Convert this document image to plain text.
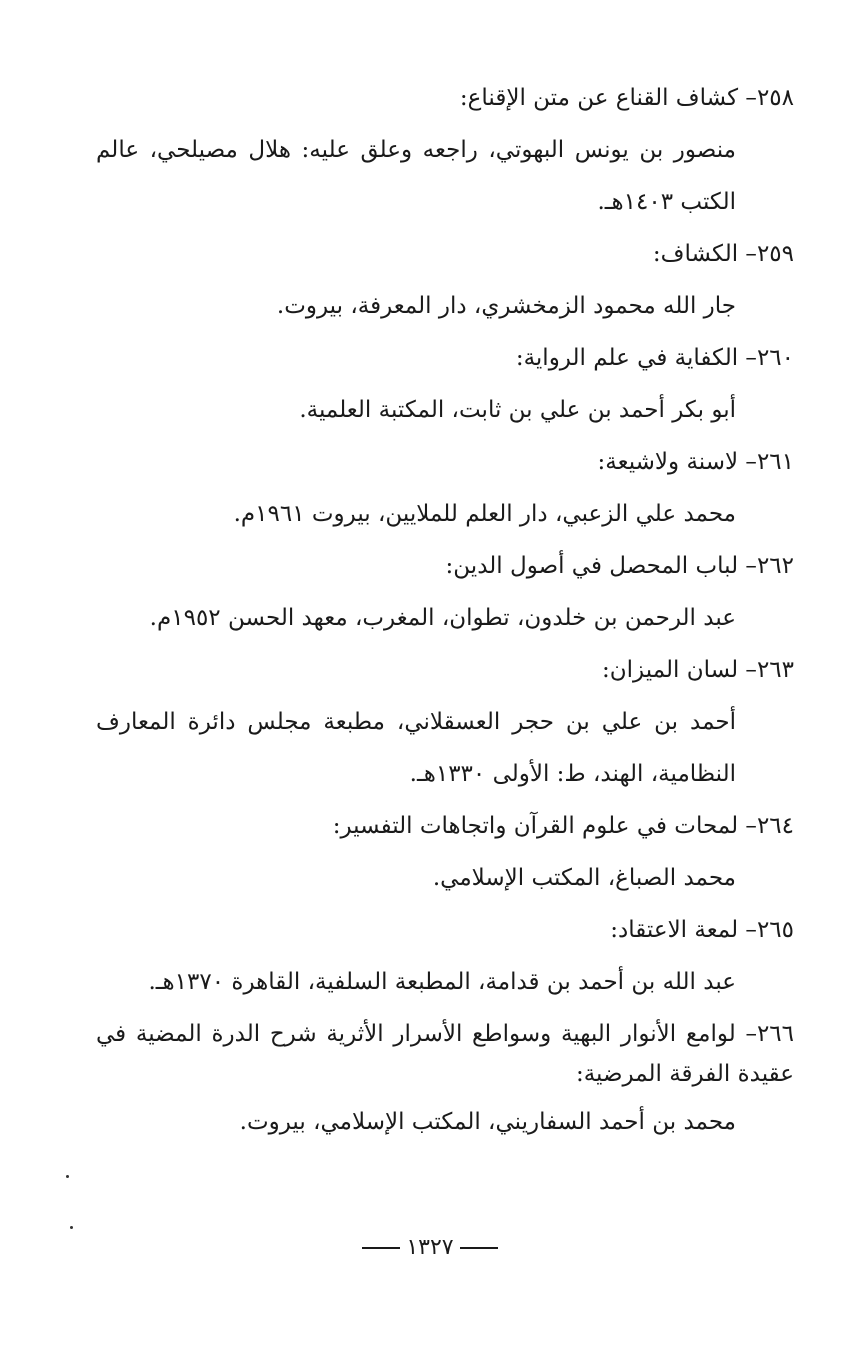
٢٥٨– كشاف القناع عن متن الإقناع:

منصور بن يونس البهوتي، راجعه وعلق عليه: هلال مصيلحي، عالم الكتب ١٤٠٣هـ.

٢٥٩– الكشاف:

جار الله محمود الزمخشري، دار المعرفة، بيروت.

٢٦٠– الكفاية في علم الرواية:

أبو بكر أحمد بن علي بن ثابت، المكتبة العلمية.

٢٦١– لاسنة ولاشيعة:

محمد علي الزعبي، دار العلم للملايين، بيروت ١٩٦١م.

٢٦٢– لباب المحصل في أصول الدين:

عبد الرحمن بن خلدون، تطوان، المغرب، معهد الحسن ١٩٥٢م.

٢٦٣– لسان الميزان:

أحمد بن علي بن حجر العسقلاني، مطبعة مجلس دائرة المعارف النظامية، الهند، ط: الأولى ١٣٣٠هـ.

٢٦٤– لمحات في علوم القرآن واتجاهات التفسير:

محمد الصباغ، المكتب الإسلامي.

٢٦٥– لمعة الاعتقاد:

عبد الله بن أحمد بن قدامة، المطبعة السلفية، القاهرة ١٣٧٠هـ.

٢٦٦– لوامع الأنوار البهية وسواطع الأسرار الأثرية شرح الدرة المضية في عقيدة الفرقة المرضية:

محمد بن أحمد السفاريني، المكتب الإسلامي، بيروت.

١٣٢٧
